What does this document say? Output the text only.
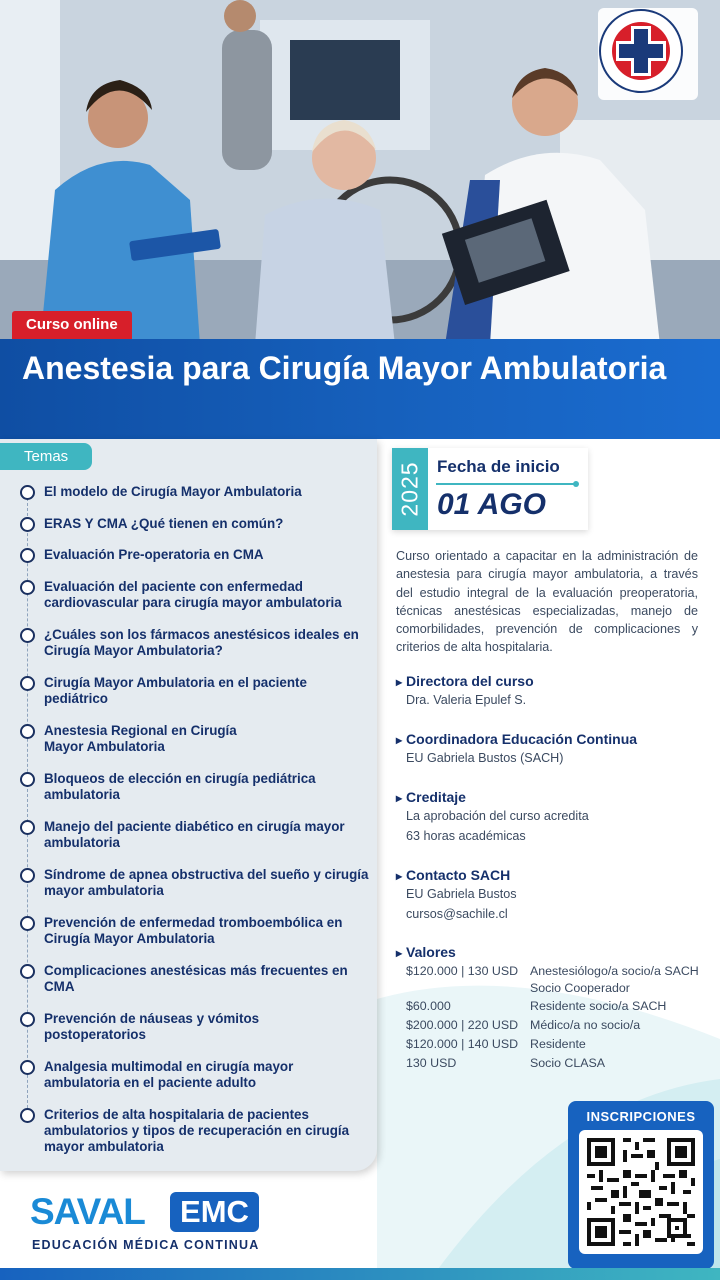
Curso online
Anestesia para Cirugía Mayor Ambulatoria
Temas
El modelo de Cirugía Mayor Ambulatoria
ERAS Y CMA ¿Qué tienen en común?
Evaluación Pre-operatoria en CMA
Evaluación del paciente con enfermedad cardiovascular para cirugía mayor ambulatoria
¿Cuáles son los fármacos anestésicos ideales en Cirugía Mayor Ambulatoria?
Cirugía Mayor Ambulatoria en el paciente pediátrico
Anestesia Regional en Cirugía Mayor Ambulatoria
Bloqueos de elección en cirugía pediátrica ambulatoria
Manejo del paciente diabético en cirugía mayor ambulatoria
Síndrome de apnea obstructiva del sueño y cirugía mayor ambulatoria
Prevención de enfermedad tromboembólica en Cirugía Mayor Ambulatoria
Complicaciones anestésicas más frecuentes en CMA
Prevención de náuseas y vómitos postoperatorios
Analgesia multimodal en cirugía mayor ambulatoria en el paciente adulto
Criterios de alta hospitalaria de pacientes ambulatorios y tipos de recuperación en cirugía mayor ambulatoria
2025 Fecha de inicio
01 AGO
Curso orientado a capacitar en la administración de anestesia para cirugía mayor ambulatoria, a través del estudio integral de la evaluación preoperatoria, técnicas anestésicas especializadas, manejo de comorbilidades, prevención de complicaciones y criterios de alta hospitalaria.
▸ Directora del curso
Dra. Valeria Epulef S.
▸ Coordinadora Educación Continua
EU Gabriela Bustos (SACH)
▸ Creditaje
La aprobación del curso acredita
63 horas académicas
▸ Contacto SACH
EU Gabriela Bustos
cursos@sachile.cl
▸ Valores
$120.000 | 130 USD Anestesiólogo/a socio/a SACH
Socio Cooperador
$60.000	Residente socio/a SACH
$200.000 | 220 USD Médico/a no socio/a
$120.000 | 140 USD Residente
130 USD	Socio CLASA
INSCRIPCIONES
SAVAL	EMC
EDUCACIÓN MÉDICA CONTINUA
